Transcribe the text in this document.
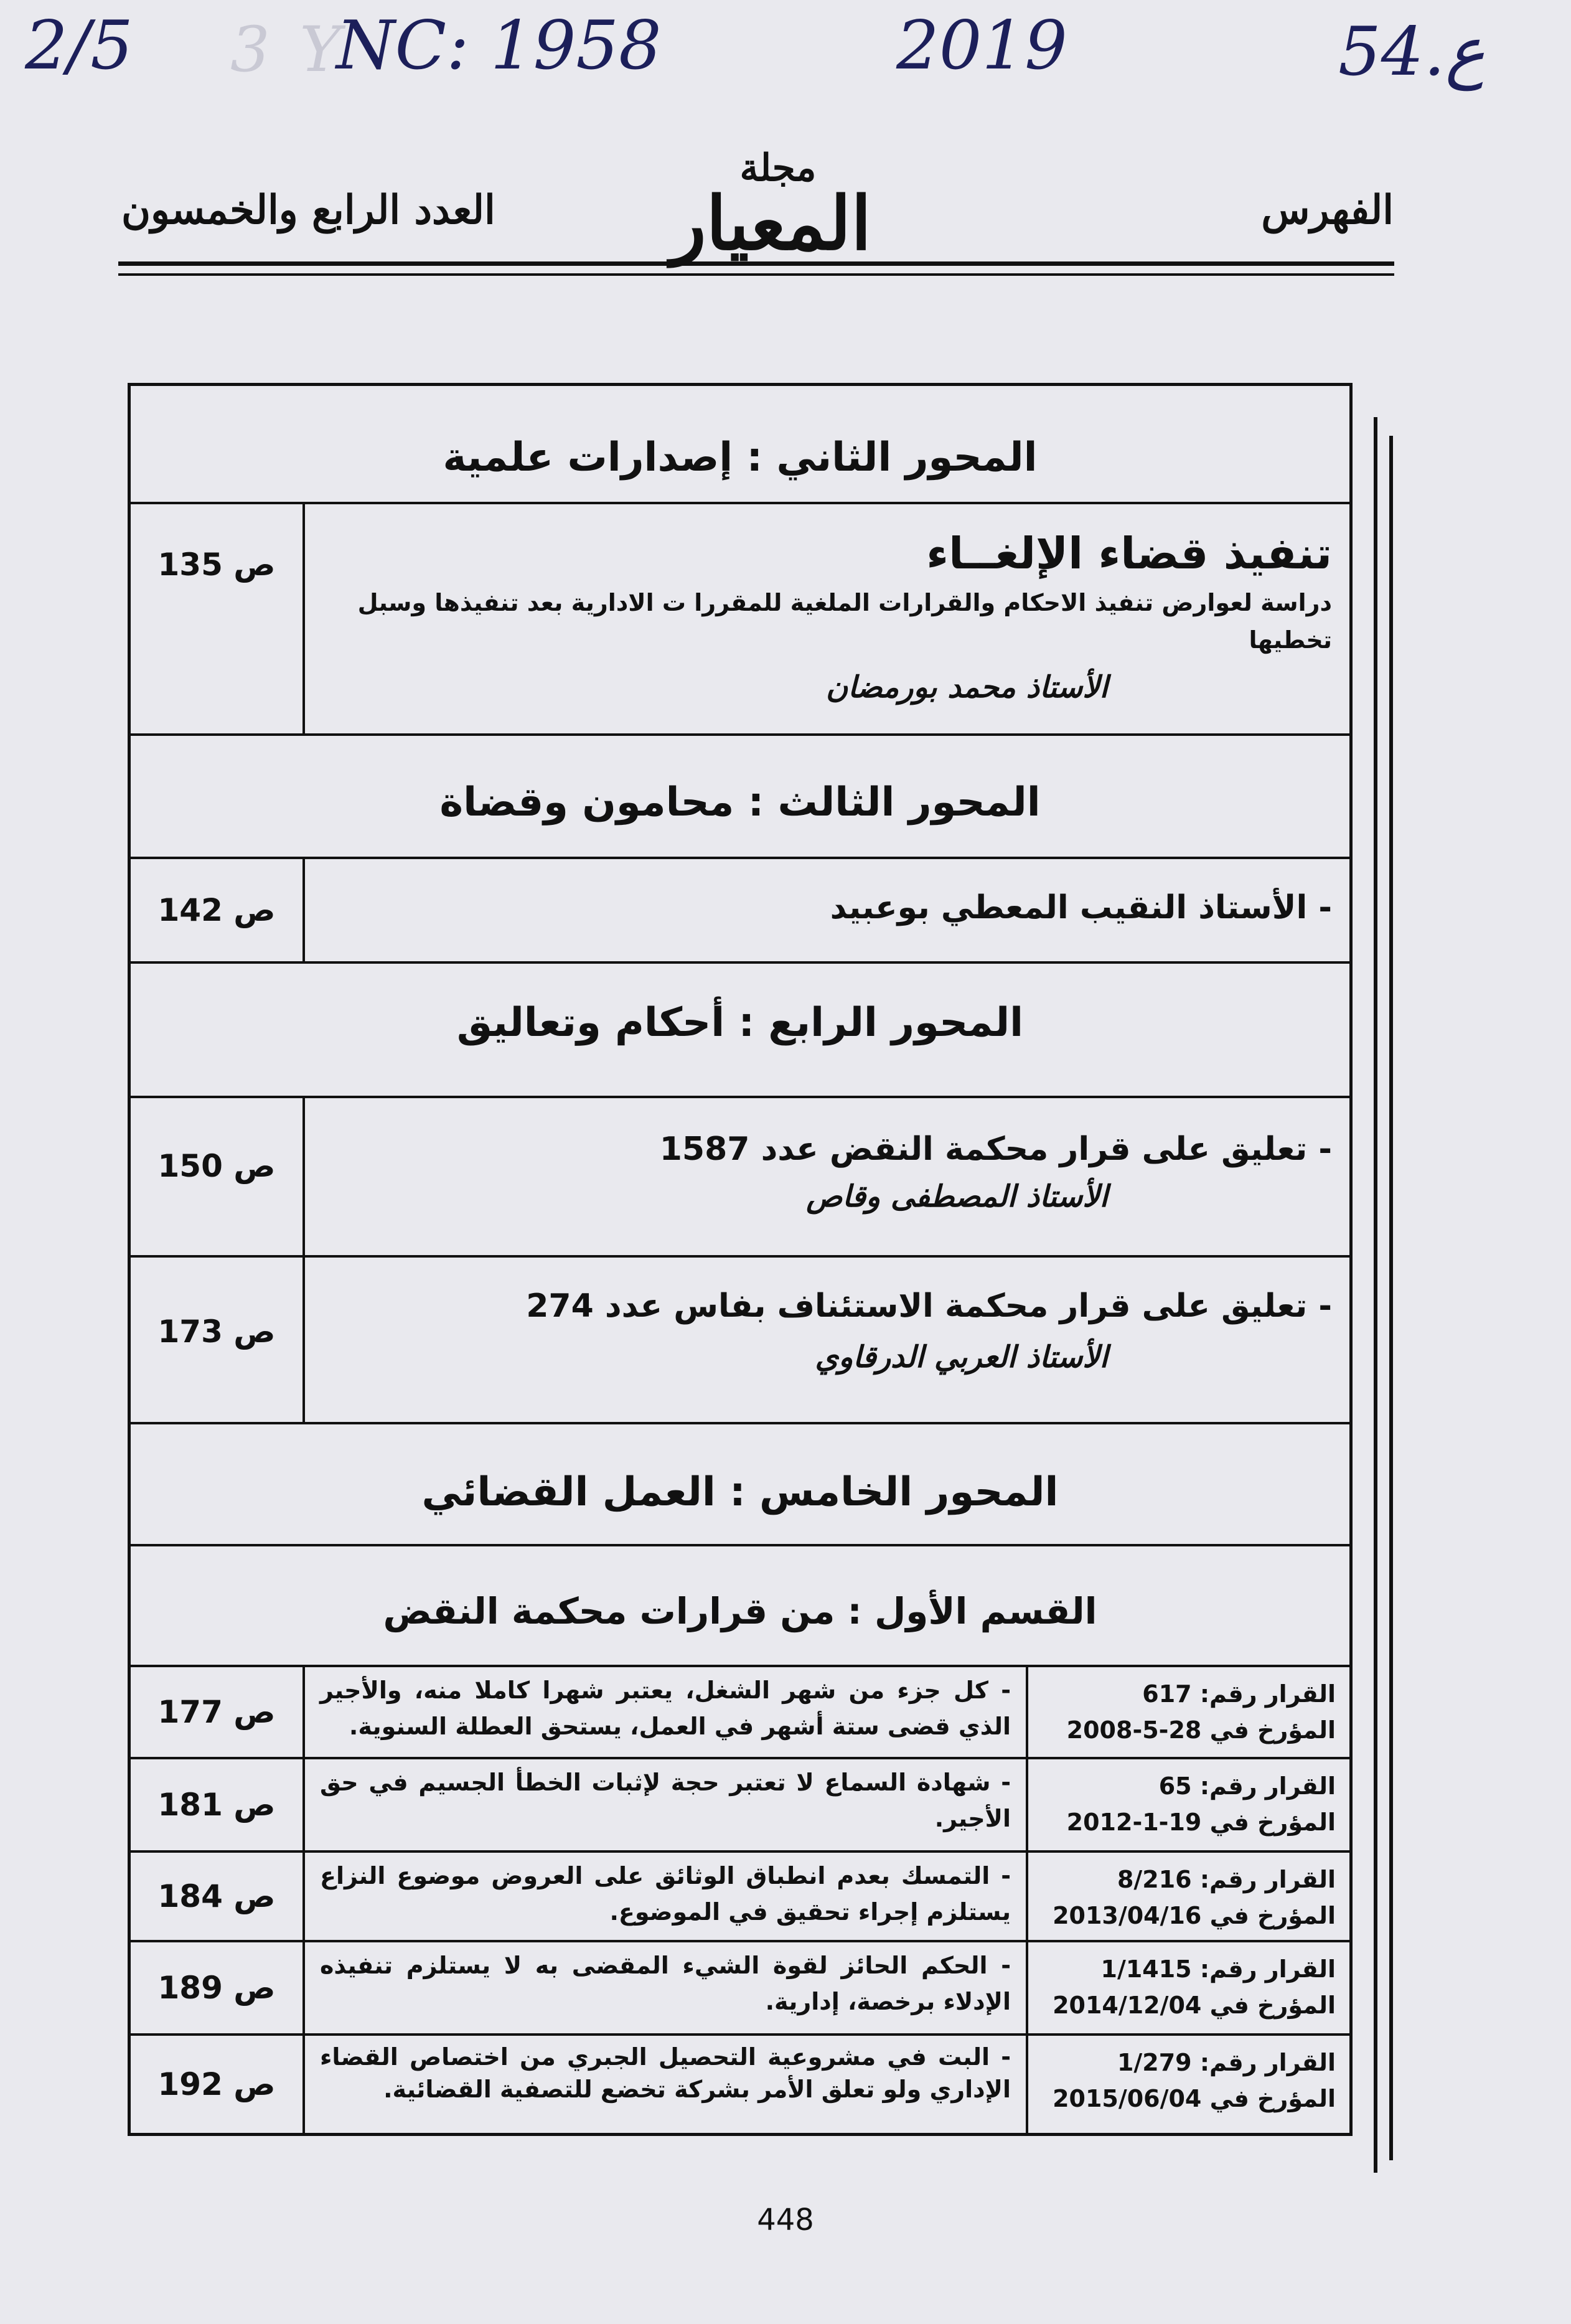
2/5 3 Y
NC: 1958	2019	54.ع
الفهرس
مجلة
المعيار
العدد الرابع والخمسون
المحور الثاني : إصدارات علمية
تنفيذ قضاء الإلغــاء
دراسة لعوارض تنفيذ الاحكام والقرارات الملغية للمقررا ت الادارية بعد تنفيذها وسبل تخطيها
الأستاذ محمد بورمضان
ص 135
المحور الثالث : محامون وقضاة
- الأستاذ النقيب المعطي بوعبيد
ص 142
المحور الرابع : أحكام وتعاليق
- تعليق على قرار محكمة النقض عدد 1587
الأستاذ المصطفى وقاص
ص 150
- تعليق على قرار محكمة الاستئناف بفاس عدد 274
الأستاذ العربي الدرقاوي
ص 173
المحور الخامس : العمل القضائي
القسم الأول : من قرارات محكمة النقض
القرار رقم: 617
المؤرخ في 28-5-2008
- كل جزء من شهر الشغل، يعتبر شهرا كاملا منه، والأجير الذي قضى ستة أشهر في العمل، يستحق العطلة السنوية.
ص 177
القرار رقم: 65
المؤرخ في 19-1-2012
- شهادة السماع لا تعتبر حجة لإثبات الخطأ الجسيم في حق الأجير.
ص 181
القرار رقم: 8/216
المؤرخ في 2013/04/16
- التمسك بعدم انطباق الوثائق على العروض موضوع النزاع يستلزم إجراء تحقيق في الموضوع.
ص 184
القرار رقم: 1/1415
المؤرخ في 2014/12/04
- الحكم الحائز لقوة الشيء المقضى به لا يستلزم تنفيذه الإدلاء برخصة، إدارية.
ص 189
القرار رقم: 1/279
المؤرخ في 2015/06/04
- البت في مشروعية التحصيل الجبري من اختصاص القضاء الإداري ولو تعلق الأمر بشركة تخضع للتصفية القضائية.
ص 192
448
